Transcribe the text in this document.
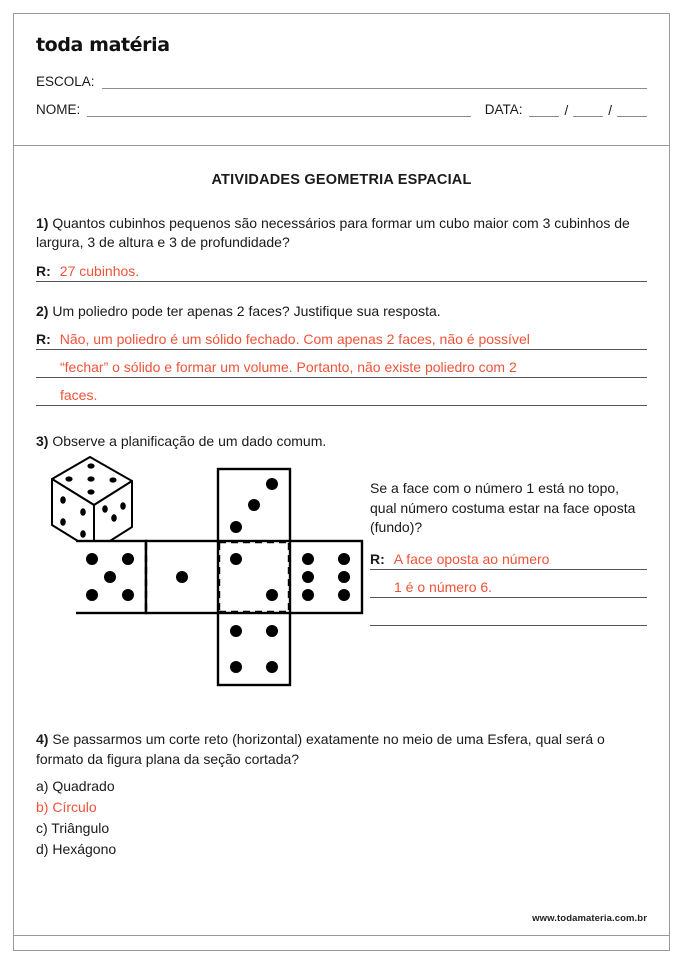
toda matéria
ESCOLA:
NOME:	DATA:	/	/
ATIVIDADES GEOMETRIA ESPACIAL

1) Quantos cubinhos pequenos são necessários para formar um cubo maior com 3 cubinhos de largura, 3 de altura e 3 de profundidade?

R: 27 cubinhos.

2) Um poliedro pode ter apenas 2 faces? Justifique sua resposta.

R: Não, um poliedro é um sólido fechado. Com apenas 2 faces, não é possível
“fechar” o sólido e formar um volume. Portanto, não existe poliedro com 2
faces.

3) Observe a planificação de um dado comum.

Se a face com o número 1 está no topo, qual número costuma estar na face oposta (fundo)?

R: A face oposta ao número
1 é o número 6.

4) Se passarmos um corte reto (horizontal) exatamente no meio de uma Esfera, qual será o formato da figura plana da seção cortada?

a) Quadrado

b) Círculo

c) Triângulo

d) Hexágono

www.todamateria.com.br
